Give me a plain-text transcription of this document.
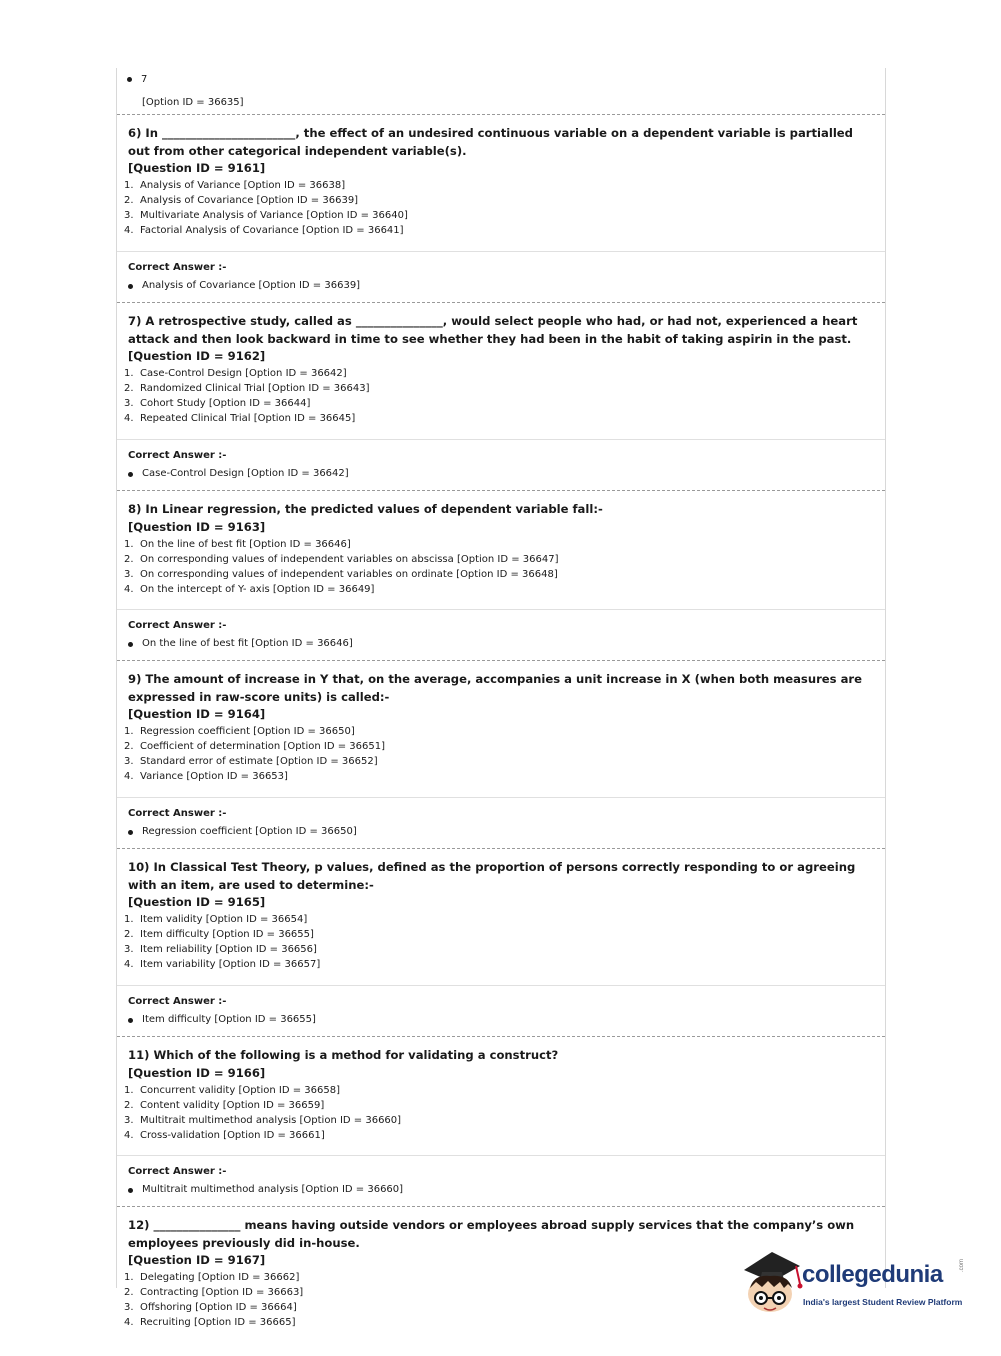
7
[Option ID = 36635]

6) In _______________________, the effect of an undesired continuous variable on a dependent variable is partialled out from other categorical independent variable(s).

[Question ID = 9161]

1. Analysis of Variance [Option ID = 36638]
2. Analysis of Covariance [Option ID = 36639]
3. Multivariate Analysis of Variance [Option ID = 36640]
4. Factorial Analysis of Covariance [Option ID = 36641]
Correct Answer :-
Analysis of Covariance [Option ID = 36639]

7) A retrospective study, called as _______________, would select people who had, or had not, experienced a heart attack and then look backward in time to see whether they had been in the habit of taking aspirin in the past.

[Question ID = 9162]

1. Case-Control Design [Option ID = 36642]
2. Randomized Clinical Trial [Option ID = 36643]
3. Cohort Study [Option ID = 36644]
4. Repeated Clinical Trial [Option ID = 36645]
Correct Answer :-
Case-Control Design [Option ID = 36642]

8) In Linear regression, the predicted values of dependent variable fall:-

[Question ID = 9163]

1. On the line of best fit [Option ID = 36646]
2. On corresponding values of independent variables on abscissa [Option ID = 36647]
3. On corresponding values of independent variables on ordinate [Option ID = 36648]
4. On the intercept of Y- axis [Option ID = 36649]
Correct Answer :-
On the line of best fit [Option ID = 36646]

9) The amount of increase in Y that, on the average, accompanies a unit increase in X (when both measures are expressed in raw-score units) is called:-

[Question ID = 9164]

1. Regression coefficient [Option ID = 36650]
2. Coefficient of determination [Option ID = 36651]
3. Standard error of estimate [Option ID = 36652]
4. Variance [Option ID = 36653]
Correct Answer :-
Regression coefficient [Option ID = 36650]

10) In Classical Test Theory, p values, defined as the proportion of persons correctly responding to or agreeing with an item, are used to determine:-

[Question ID = 9165]

1. Item validity [Option ID = 36654]
2. Item difficulty [Option ID = 36655]
3. Item reliability [Option ID = 36656]
4. Item variability [Option ID = 36657]
Correct Answer :-
Item difficulty [Option ID = 36655]

11) Which of the following is a method for validating a construct?

[Question ID = 9166]

1. Concurrent validity [Option ID = 36658]
2. Content validity [Option ID = 36659]
3. Multitrait multimethod analysis [Option ID = 36660]
4. Cross-validation [Option ID = 36661]
Correct Answer :-
Multitrait multimethod analysis [Option ID = 36660]

12) _______________ means having outside vendors or employees abroad supply services that the company’s own employees previously did in-house.

[Question ID = 9167]

1. Delegating [Option ID = 36662]
2. Contracting [Option ID = 36663]
3. Offshoring [Option ID = 36664]
4. Recruiting [Option ID = 36665]
collegedunia	.com
India's largest Student Review Platform
